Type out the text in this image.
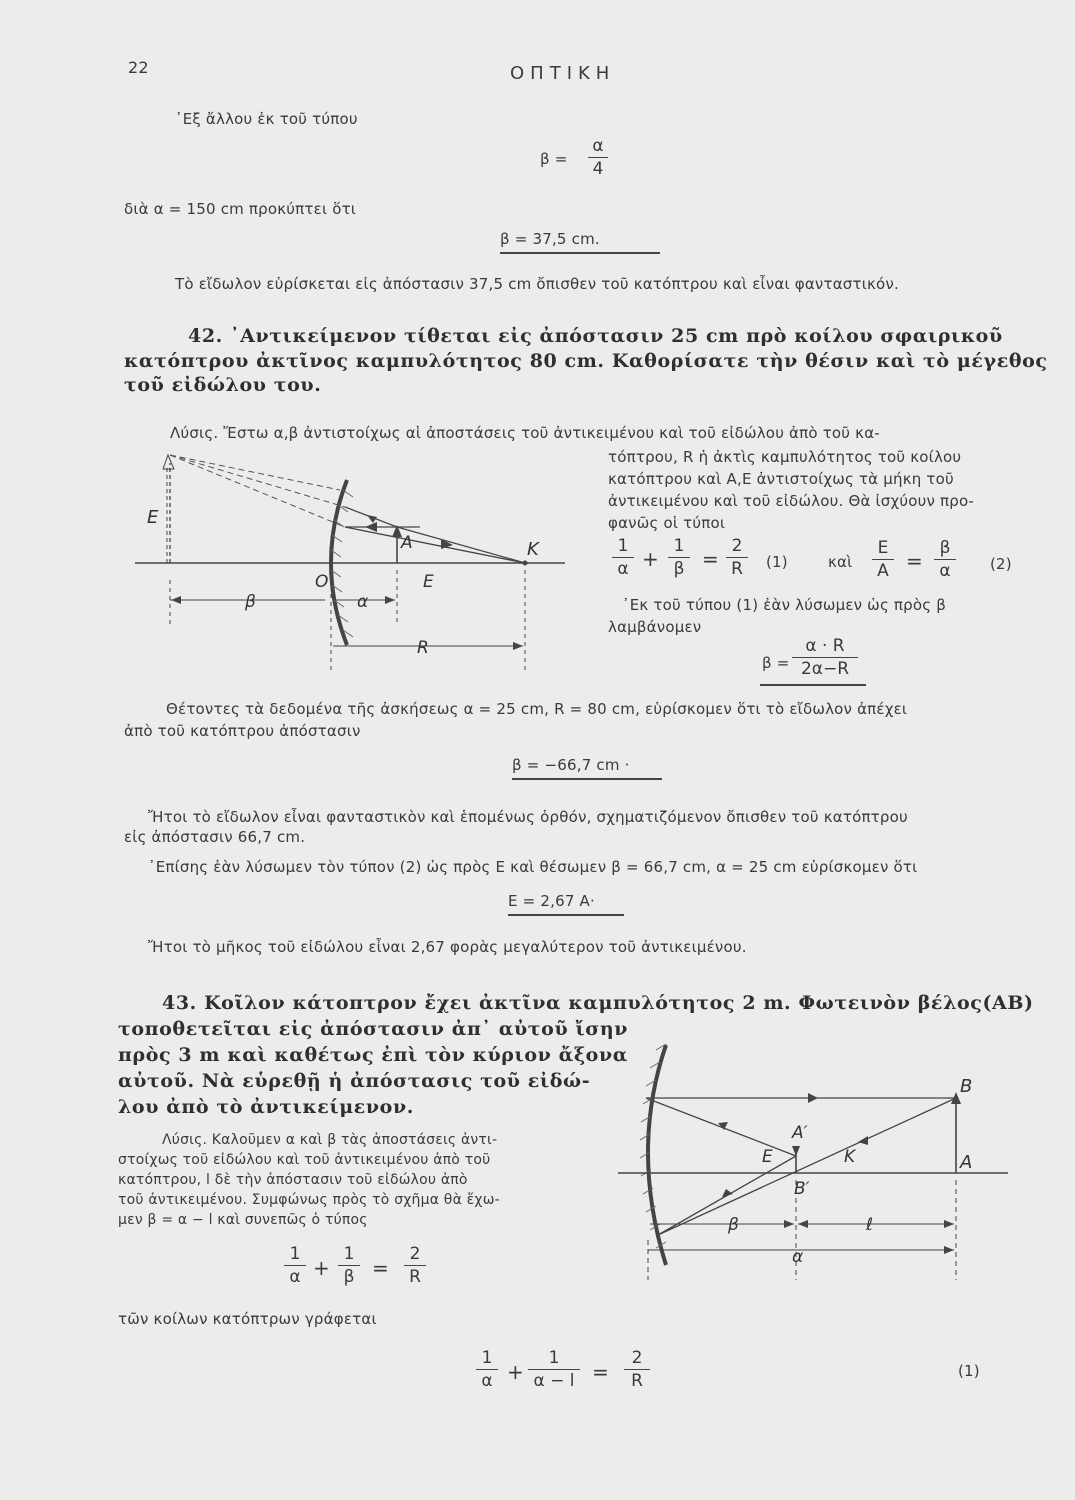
22	ΟΠΤΙΚΗ
᾿Εξ ἄλλου ἐκ τοῦ τύπου
β =
α
4
διὰ α = 150 cm προκύπτει ὅτι
β = 37,5 cm.
Τὸ εἴδωλον εὑρίσκεται εἰς ἀπόστασιν 37,5 cm ὄπισθεν τοῦ κατόπτρου καὶ εἶναι φανταστικόν.
42. ᾿Αντικείμενον τίθεται εἰς ἀπόστασιν 25 cm πρὸ κοίλου σφαιρικοῦ
κατόπτρου ἀκτῖνος καμπυλότητος 80 cm. Καθορίσατε τὴν θέσιν καὶ τὸ μέγεθος
τοῦ εἰδώλου του.
Λύσις. Ἔστω α,β ἀντιστοίχως αἱ ἀποστάσεις τοῦ ἀντικειμένου καὶ τοῦ εἰδώλου ἀπὸ τοῦ κα-
τόπτρου, R ἡ ἀκτὶς καμπυλότητος τοῦ κοίλου
κατόπτρου καὶ Α,Ε ἀντιστοίχως τὰ μήκη τοῦ
ἀντικειμένου καὶ τοῦ εἰδώλου. Θὰ ἰσχύουν προ-
φανῶς οἱ τύποι
E
A	K
O	E
β	α
R
1
α +
1
β =
2
R	(1)	καὶ
Ε
Α =
β
α	(2)
᾿Εκ τοῦ τύπου (1) ἐὰν λύσωμεν ὡς πρὸς β
λαμβάνομεν
β =
α · R
2α−R
Θέτοντες τὰ δεδομένα τῆς ἀσκήσεως α = 25 cm, R = 80 cm, εὑρίσκομεν ὅτι τὸ εἴδωλον ἀπέχει
ἀπὸ τοῦ κατόπτρου ἀπόστασιν
β = −66,7 cm ·
Ἤτοι τὸ εἴδωλον εἶναι φανταστικὸν καὶ ἑπομένως ὀρθόν, σχηματιζόμενον ὄπισθεν τοῦ κατόπτρου
εἰς ἀπόστασιν 66,7 cm.
᾿Επίσης ἐὰν λύσωμεν τὸν τύπον (2) ὡς πρὸς Ε καὶ θέσωμεν β = 66,7 cm, α = 25 cm εὑρίσκομεν ὅτι
Ε = 2,67 Α·
Ἤτοι τὸ μῆκος τοῦ εἰδώλου εἶναι 2,67 φορὰς μεγαλύτερον τοῦ ἀντικειμένου.
43. Κοῖλον κάτοπτρον ἔχει ἀκτῖνα καμπυλότητος 2 m. Φωτεινὸν βέλος(ΑΒ)
τοποθετεῖται εἰς ἀπόστασιν ἀπ᾿ αὐτοῦ ἴσην
πρὸς 3 m καὶ καθέτως ἐπὶ τὸν κύριον ἄξονα
αὐτοῦ. Νὰ εὑρεθῇ ἡ ἀπόστασις τοῦ εἰδώ-
λου ἀπὸ τὸ ἀντικείμενον.
Λύσις. Καλοῦμεν α καὶ β τὰς ἀποστάσεις ἀντι-
στοίχως τοῦ εἰδώλου καὶ τοῦ ἀντικειμένου ἀπὸ τοῦ
κατόπτρου, l δὲ τὴν ἀπόστασιν τοῦ εἰδώλου ἀπὸ
τοῦ ἀντικειμένου. Συμφώνως πρὸς τὸ σχῆμα θὰ ἔχω-
μεν β = α − l καὶ συνεπῶς ὁ τύπος
B
A′
E	K	A
B′
β	ℓ
α
1
α +
1
β =
2
R
τῶν κοίλων κατόπτρων γράφεται
1
α +
1
α − l =
2
R	(1)
